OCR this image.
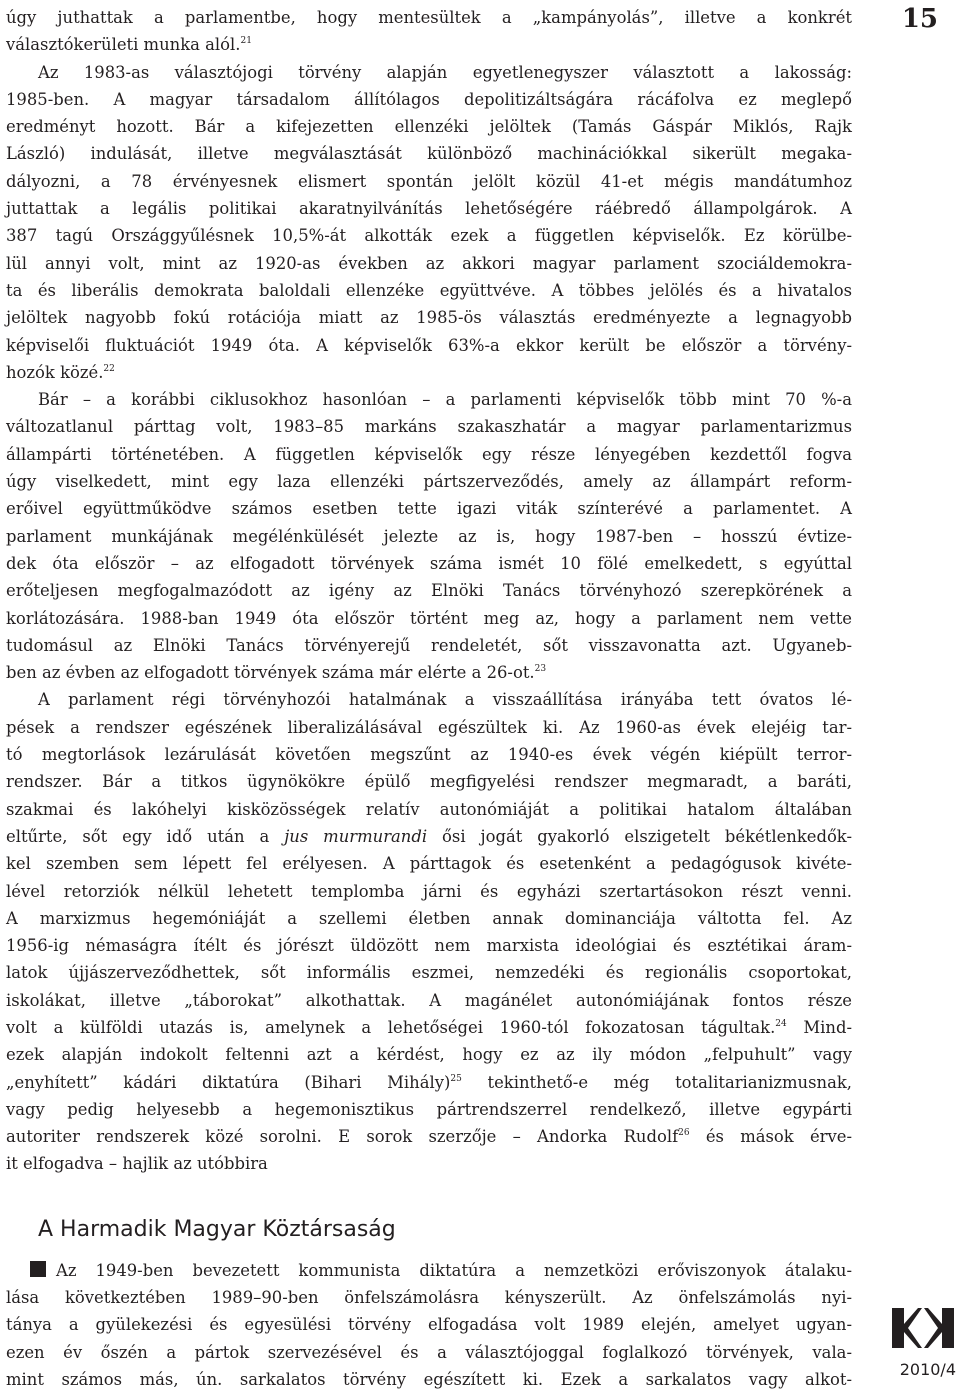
úgy juthattak a parlamentbe, hogy mentesültek a „kampányolás”, illetve a konkrét
választókerületi munka alól.$^{21}$
Az 1983-as választójogi törvény alapján egyetlenegyszer választott a lakosság:
1985-ben. A magyar társadalom állítólagos depolitizáltságára rácáfolva ez meglepő
eredményt hozott. Bár a kifejezetten ellenzéki jelöltek (Tamás Gáspár Miklós, Rajk
László) indulását, illetve megválasztását különböző machinációkkal sikerült megaka-
dályozni, a 78 érvényesnek elismert spontán jelölt közül 41-et mégis mandátumhoz
juttattak a legális politikai akaratnyilvánítás lehetőségére ráébredő állampolgárok. A
387 tagú Országgyűlésnek 10,5%-át alkották ezek a független képviselők. Ez körülbe-
lül annyi volt, mint az 1920-as években az akkori magyar parlament szociáldemokra-
ta és liberális demokrata baloldali ellenzéke együttvéve. A többes jelölés és a hivatalos
jelöltek nagyobb fokú rotációja miatt az 1985-ös választás eredményezte a legnagyobb
képviselői fluktuációt 1949 óta. A képviselők 63%-a ekkor került be először a törvény-
hozók közé.$^{22}$
Bár – a korábbi ciklusokhoz hasonlóan – a parlamenti képviselők több mint 70 %-a
változatlanul párttag volt, 1983–85 markáns szakaszhatár a magyar parlamentarizmus
állampárti történetében. A független képviselők egy része lényegében kezdettől fogva
úgy viselkedett, mint egy laza ellenzéki pártszerveződés, amely az állampárt reform-
erőivel együttműködve számos esetben tette igazi viták színterévé a parlamentet. A
parlament munkájának megélénkülését jelezte az is, hogy 1987-ben – hosszú évtize-
dek óta először – az elfogadott törvények száma ismét 10 fölé emelkedett, s egyúttal
erőteljesen megfogalmazódott az igény az Elnöki Tanács törvényhozó szerepkörének a
korlátozására. 1988-ban 1949 óta először történt meg az, hogy a parlament nem vette
tudomásul az Elnöki Tanács törvényerejű rendeletét, sőt visszavonatta azt. Ugyaneb-
ben az évben az elfogadott törvények száma már elérte a 26-ot.$^{23}$
A parlament régi törvényhozói hatalmának a visszaállítása irányába tett óvatos lé-
pések a rendszer egészének liberalizálásával egészültek ki. Az 1960-as évek elejéig tar-
tó megtorlások lezárulását követően megszűnt az 1940-es évek végén kiépült terror-
rendszer. Bár a titkos ügynökökre épülő megfigyelési rendszer megmaradt, a baráti,
szakmai és lakóhelyi kisközösségek relatív autonómiáját a politikai hatalom általában
eltűrte, sőt egy idő után a jus murmurandi ősi jogát gyakorló elszigetelt békétlenkedők-
kel szemben sem lépett fel erélyesen. A párttagok és esetenként a pedagógusok kivéte-
lével retorziók nélkül lehetett templomba járni és egyházi szertartásokon részt venni.
A marxizmus hegemóniáját a szellemi életben annak dominanciája váltotta fel. Az
1956-ig némaságra ítélt és jórészt üldözött nem marxista ideológiai és esztétikai áram-
latok újjászerveződhettek, sőt informális eszmei, nemzedéki és regionális csoportokat,
iskolákat, illetve „táborokat” alkothattak. A magánélet autonómiájának fontos része
volt a külföldi utazás is, amelynek a lehetőségei 1960-tól fokozatosan tágultak.$^{24}$ Mind-
ezek alapján indokolt feltenni azt a kérdést, hogy ez az ily módon „felpuhult” vagy
„enyhített” kádári diktatúra (Bihari Mihály)$^{25}$ tekinthető-e még totalitarianizmusnak,
vagy pedig helyesebb a hegemonisztikus pártrendszerrel rendelkező, illetve egypárti
autoriter rendszerek közé sorolni. E sorok szerzője – Andorka Rudolf$^{26}$ és mások érve-
it elfogadva – hajlik az utóbbira
A Harmadik Magyar Köztársaság
Az 1949-ben bevezetett kommunista diktatúra a nemzetközi erőviszonyok átalaku-
lása következtében 1989–90-ben önfelszámolásra kényszerült. Az önfelszámolás nyi-
tánya a gyülekezési és egyesülési törvény elfogadása volt 1989 elején, amelyet ugyan-
ezen év őszén a pártok szervezésével és a választójoggal foglalkozó törvények, vala-
mint számos más, ún. sarkalatos törvény egészített ki. Ezek a sarkalatos vagy alkot-
15
2010/4
